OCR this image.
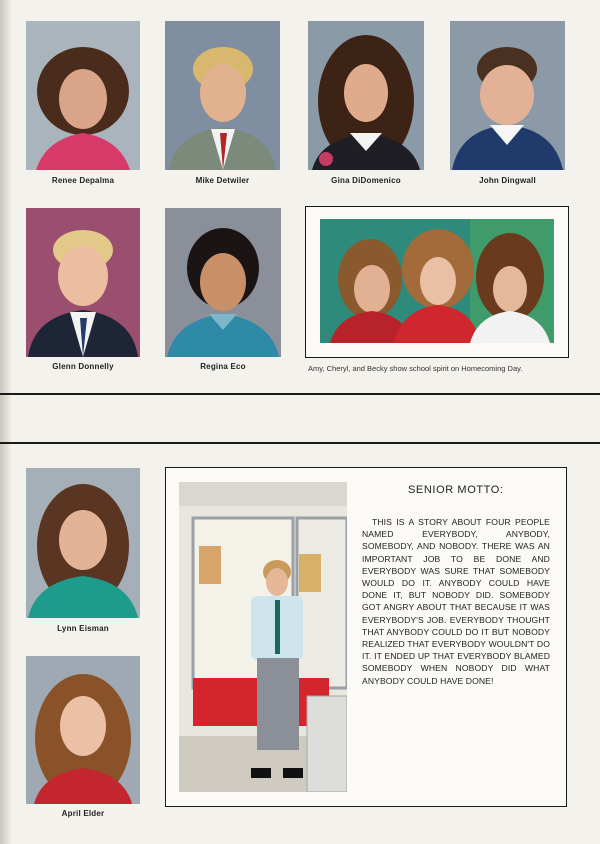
Renee Depalma	Mike Detwiler	Gina DiDomenico	John Dingwall
Glenn Donnelly	Regina Eco	Amy, Cheryl, and Becky show school spirit on Homecoming Day.
Lynn Eisman
April Elder
SENIOR MOTTO:
THIS IS A STORY ABOUT FOUR PEOPLE NAMED EVERYBODY, ANYBODY, SOMEBODY, AND NOBODY. THERE WAS AN IMPORTANT JOB TO BE DONE AND EVERYBODY WAS SURE THAT SOMEBODY WOULD DO IT. ANYBODY COULD HAVE DONE IT, BUT NOBODY DID. SOMEBODY GOT ANGRY ABOUT THAT BECAUSE IT WAS EVERYBODY'S JOB. EVERYBODY THOUGHT THAT ANYBODY COULD DO IT BUT NOBODY REALIZED THAT EVERYBODY WOULDN'T DO IT. IT ENDED UP THAT EVERYBODY BLAMED SOMEBODY WHEN NOBODY DID WHAT ANYBODY COULD HAVE DONE!
